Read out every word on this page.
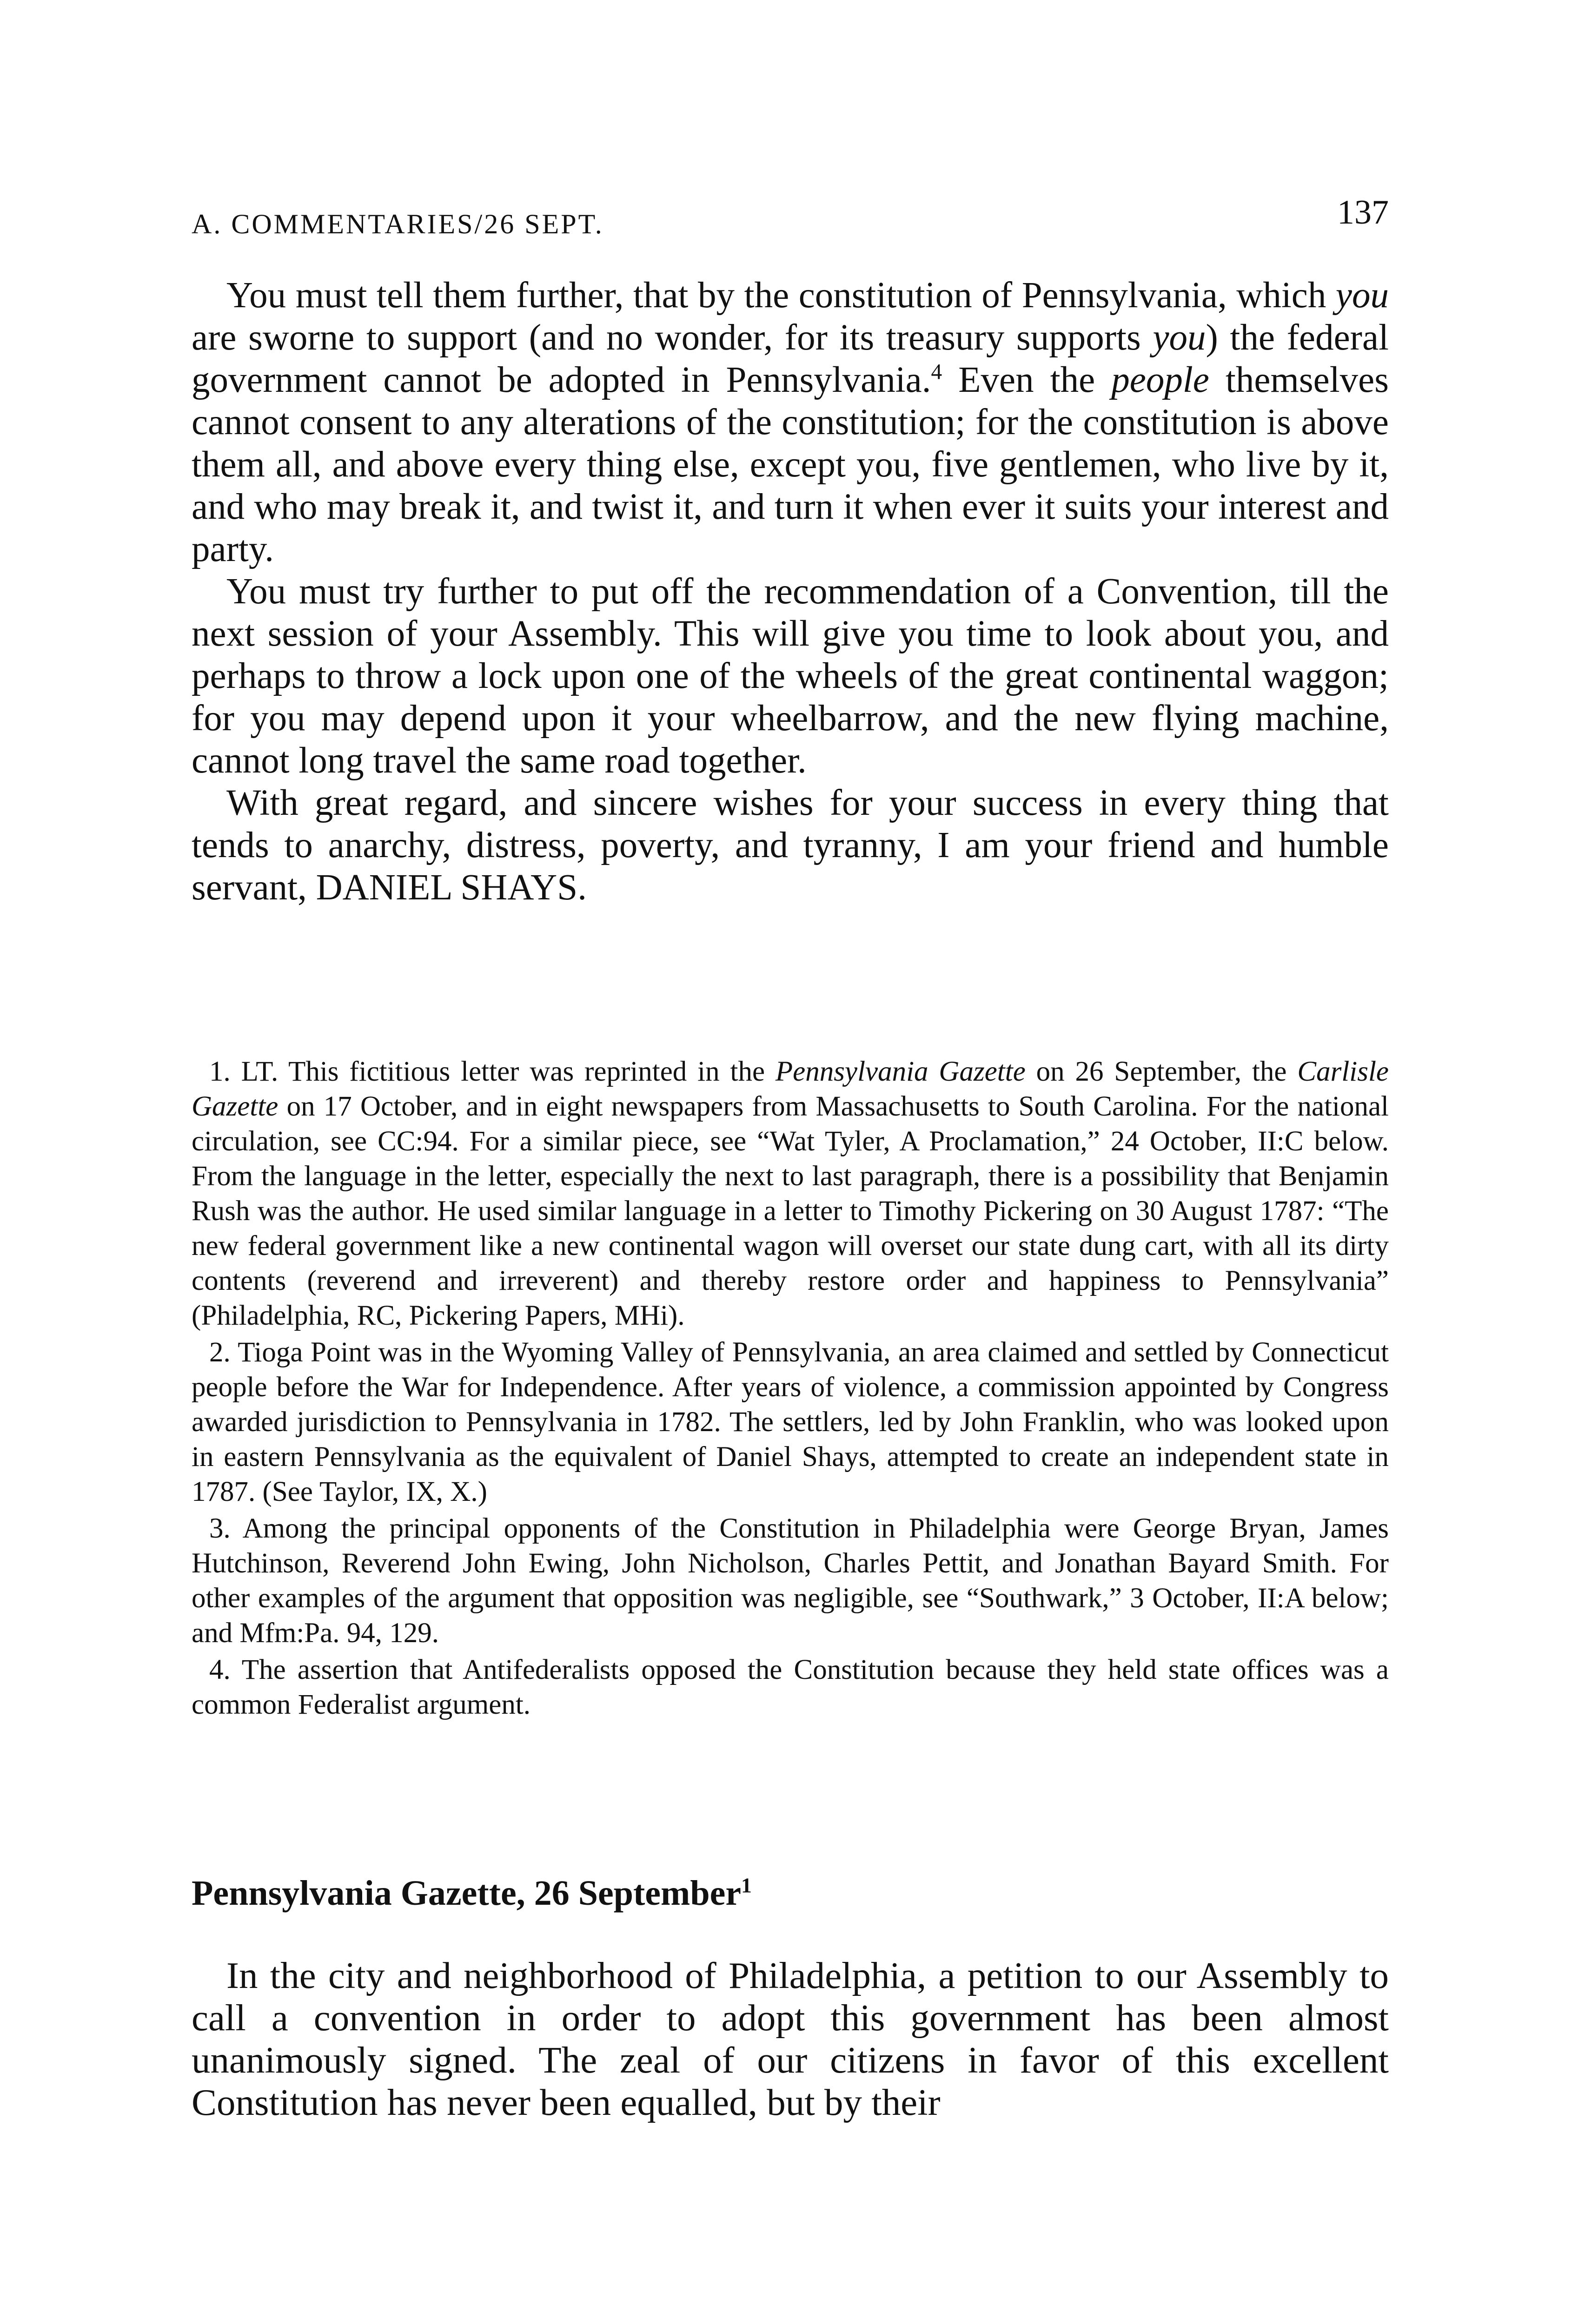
A. COMMENTARIES/26 SEPT.	137

You must tell them further, that by the constitution of Pennsylvania, which you are sworne to support (and no wonder, for its treasury supports you) the federal government cannot be adopted in Pennsylvania.$^4$ Even the people themselves cannot consent to any alterations of the constitution; for the constitution is above them all, and above every thing else, except you, five gentlemen, who live by it, and who may break it, and twist it, and turn it when ever it suits your interest and party.

You must try further to put off the recommendation of a Convention, till the next session of your Assembly. This will give you time to look about you, and perhaps to throw a lock upon one of the wheels of the great continental waggon; for you may depend upon it your wheelbarrow, and the new flying machine, cannot long travel the same road together.

With great regard, and sincere wishes for your success in every thing that tends to anarchy, distress, poverty, and tyranny, I am your friend and humble servant, DANIEL SHAYS.

1. LT. This fictitious letter was reprinted in the Pennsylvania Gazette on 26 September, the Carlisle Gazette on 17 October, and in eight newspapers from Massachusetts to South Carolina. For the national circulation, see CC:94. For a similar piece, see “Wat Tyler, A Proclamation,” 24 October, II:C below. From the language in the letter, especially the next to last paragraph, there is a possibility that Benjamin Rush was the author. He used similar language in a letter to Timothy Pickering on 30 August 1787: “The new federal government like a new continental wagon will overset our state dung cart, with all its dirty contents (reverend and irreverent) and thereby restore order and happiness to Pennsylvania” (Philadelphia, RC, Pickering Papers, MHi).

2. Tioga Point was in the Wyoming Valley of Pennsylvania, an area claimed and settled by Connecticut people before the War for Independence. After years of violence, a commission appointed by Congress awarded jurisdiction to Pennsylvania in 1782. The settlers, led by John Franklin, who was looked upon in eastern Pennsylvania as the equivalent of Daniel Shays, attempted to create an independent state in 1787. (See Taylor, IX, X.)

3. Among the principal opponents of the Constitution in Philadelphia were George Bryan, James Hutchinson, Reverend John Ewing, John Nicholson, Charles Pettit, and Jonathan Bayard Smith. For other examples of the argument that opposition was negligible, see “Southwark,” 3 October, II:A below; and Mfm:Pa. 94, 129.

4. The assertion that Antifederalists opposed the Constitution because they held state offices was a common Federalist argument.

Pennsylvania Gazette, 26 September$^1$

In the city and neighborhood of Philadelphia, a petition to our Assembly to call a convention in order to adopt this government has been almost unanimously signed. The zeal of our citizens in favor of this excellent Constitution has never been equalled, but by their
